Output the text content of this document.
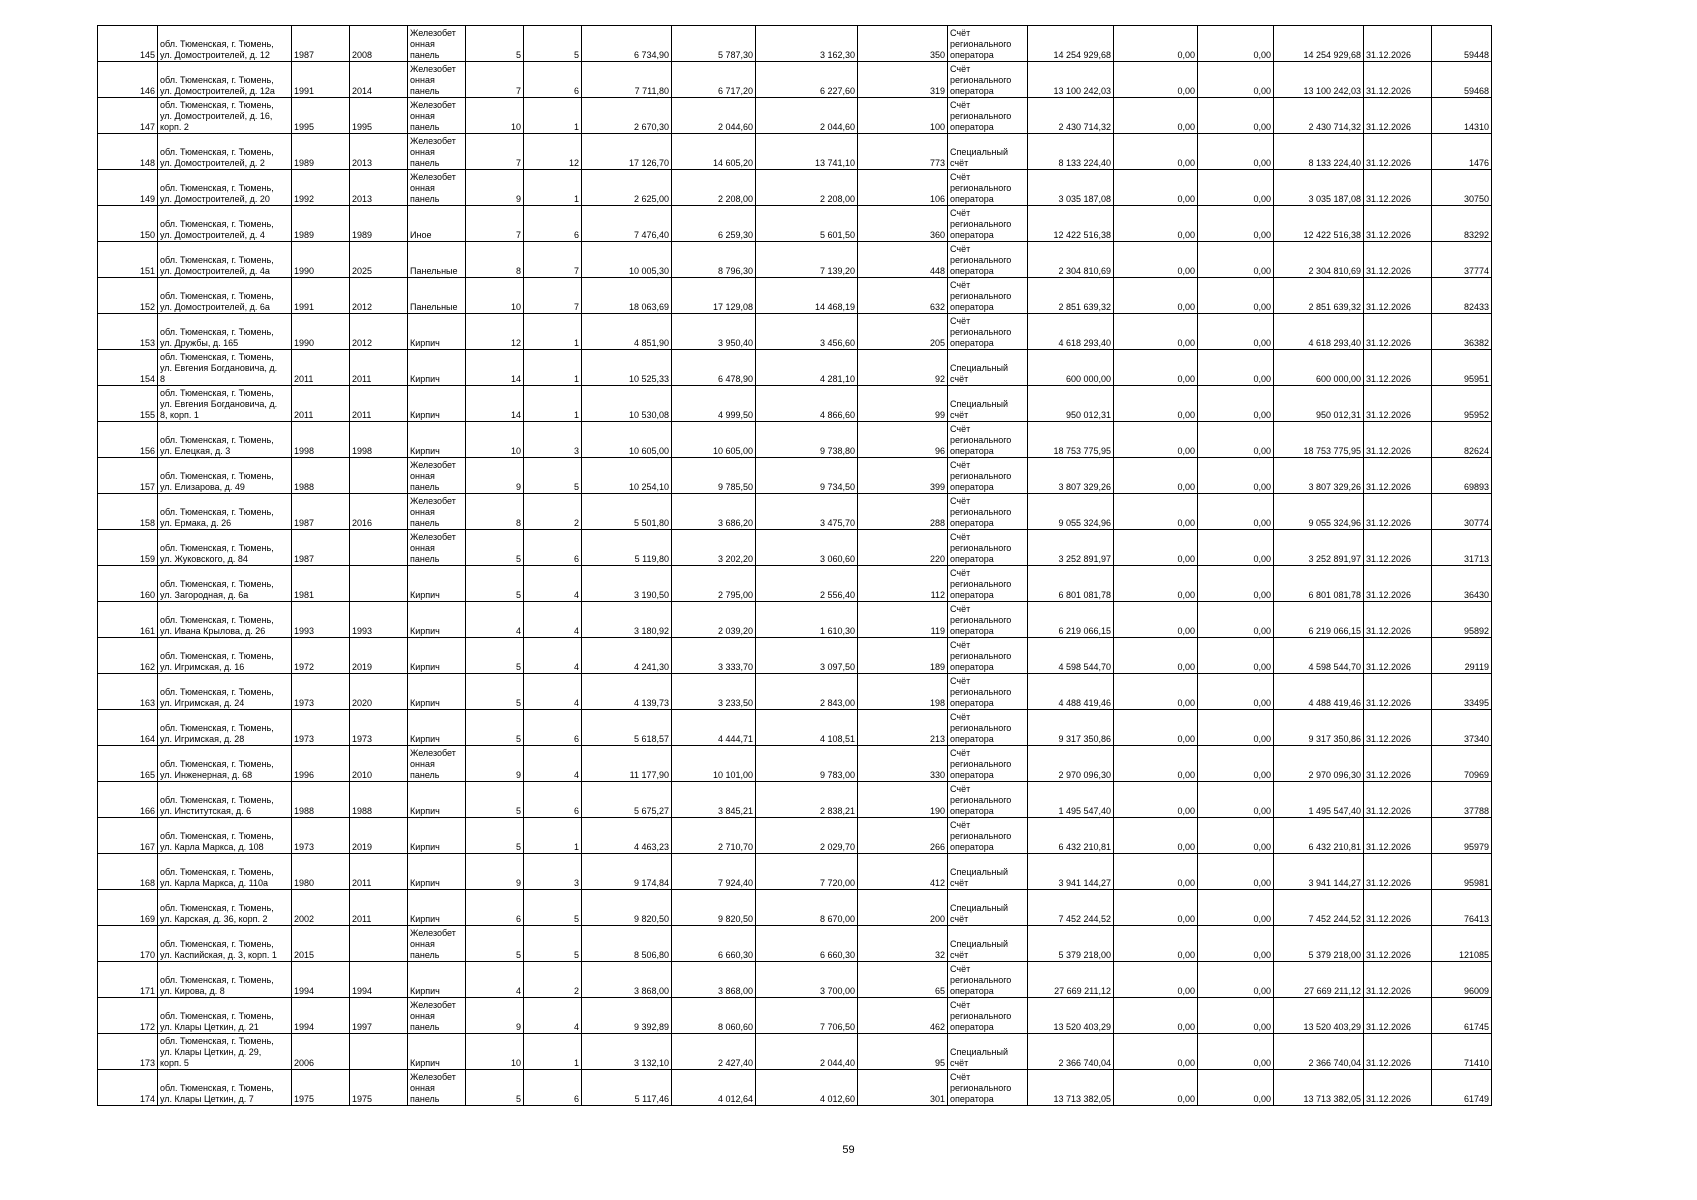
145	обл. Тюменская, г. Тюмень,
ул. Домостроителей, д. 12	1987	2008	Железобет
онная
панель	5	5	6 734,90	5 787,30	3 162,30	350	Счёт
регионального
оператора	14 254 929,68	0,00	0,00	14 254 929,68	31.12.2026	59448
146	обл. Тюменская, г. Тюмень,
ул. Домостроителей, д. 12а	1991	2014	Железобет
онная
панель	7	6	7 711,80	6 717,20	6 227,60	319	Счёт
регионального
оператора	13 100 242,03	0,00	0,00	13 100 242,03	31.12.2026	59468
147	обл. Тюменская, г. Тюмень,
ул. Домостроителей, д. 16,
корп. 2	1995	1995	Железобет
онная
панель	10	1	2 670,30	2 044,60	2 044,60	100	Счёт
регионального
оператора	2 430 714,32	0,00	0,00	2 430 714,32	31.12.2026	14310
148	обл. Тюменская, г. Тюмень,
ул. Домостроителей, д. 2	1989	2013	Железобет
онная
панель	7	12	17 126,70	14 605,20	13 741,10	773	Специальный
счёт	8 133 224,40	0,00	0,00	8 133 224,40	31.12.2026	1476
149	обл. Тюменская, г. Тюмень,
ул. Домостроителей, д. 20	1992	2013	Железобет
онная
панель	9	1	2 625,00	2 208,00	2 208,00	106	Счёт
регионального
оператора	3 035 187,08	0,00	0,00	3 035 187,08	31.12.2026	30750
150	обл. Тюменская, г. Тюмень,
ул. Домостроителей, д. 4	1989	1989	Иное	7	6	7 476,40	6 259,30	5 601,50	360	Счёт
регионального
оператора	12 422 516,38	0,00	0,00	12 422 516,38	31.12.2026	83292
151	обл. Тюменская, г. Тюмень,
ул. Домостроителей, д. 4а	1990	2025	Панельные	8	7	10 005,30	8 796,30	7 139,20	448	Счёт
регионального
оператора	2 304 810,69	0,00	0,00	2 304 810,69	31.12.2026	37774
152	обл. Тюменская, г. Тюмень,
ул. Домостроителей, д. 6а	1991	2012	Панельные	10	7	18 063,69	17 129,08	14 468,19	632	Счёт
регионального
оператора	2 851 639,32	0,00	0,00	2 851 639,32	31.12.2026	82433
153	обл. Тюменская, г. Тюмень,
ул. Дружбы, д. 165	1990	2012	Кирпич	12	1	4 851,90	3 950,40	3 456,60	205	Счёт
регионального
оператора	4 618 293,40	0,00	0,00	4 618 293,40	31.12.2026	36382
154	обл. Тюменская, г. Тюмень,
ул. Евгения Богдановича, д.
8	2011	2011	Кирпич	14	1	10 525,33	6 478,90	4 281,10	92	Специальный
счёт	600 000,00	0,00	0,00	600 000,00	31.12.2026	95951
155	обл. Тюменская, г. Тюмень,
ул. Евгения Богдановича, д.
8, корп. 1	2011	2011	Кирпич	14	1	10 530,08	4 999,50	4 866,60	99	Специальный
счёт	950 012,31	0,00	0,00	950 012,31	31.12.2026	95952
156	обл. Тюменская, г. Тюмень,
ул. Елецкая, д. 3	1998	1998	Кирпич	10	3	10 605,00	10 605,00	9 738,80	96	Счёт
регионального
оператора	18 753 775,95	0,00	0,00	18 753 775,95	31.12.2026	82624
157	обл. Тюменская, г. Тюмень,
ул. Елизарова, д. 49	1988		Железобет
онная
панель	9	5	10 254,10	9 785,50	9 734,50	399	Счёт
регионального
оператора	3 807 329,26	0,00	0,00	3 807 329,26	31.12.2026	69893
158	обл. Тюменская, г. Тюмень,
ул. Ермака, д. 26	1987	2016	Железобет
онная
панель	8	2	5 501,80	3 686,20	3 475,70	288	Счёт
регионального
оператора	9 055 324,96	0,00	0,00	9 055 324,96	31.12.2026	30774
159	обл. Тюменская, г. Тюмень,
ул. Жуковского, д. 84	1987		Железобет
онная
панель	5	6	5 119,80	3 202,20	3 060,60	220	Счёт
регионального
оператора	3 252 891,97	0,00	0,00	3 252 891,97	31.12.2026	31713
160	обл. Тюменская, г. Тюмень,
ул. Загородная, д. 6а	1981		Кирпич	5	4	3 190,50	2 795,00	2 556,40	112	Счёт
регионального
оператора	6 801 081,78	0,00	0,00	6 801 081,78	31.12.2026	36430
161	обл. Тюменская, г. Тюмень,
ул. Ивана Крылова, д. 26	1993	1993	Кирпич	4	4	3 180,92	2 039,20	1 610,30	119	Счёт
регионального
оператора	6 219 066,15	0,00	0,00	6 219 066,15	31.12.2026	95892
162	обл. Тюменская, г. Тюмень,
ул. Игримская, д. 16	1972	2019	Кирпич	5	4	4 241,30	3 333,70	3 097,50	189	Счёт
регионального
оператора	4 598 544,70	0,00	0,00	4 598 544,70	31.12.2026	29119
163	обл. Тюменская, г. Тюмень,
ул. Игримская, д. 24	1973	2020	Кирпич	5	4	4 139,73	3 233,50	2 843,00	198	Счёт
регионального
оператора	4 488 419,46	0,00	0,00	4 488 419,46	31.12.2026	33495
164	обл. Тюменская, г. Тюмень,
ул. Игримская, д. 28	1973	1973	Кирпич	5	6	5 618,57	4 444,71	4 108,51	213	Счёт
регионального
оператора	9 317 350,86	0,00	0,00	9 317 350,86	31.12.2026	37340
165	обл. Тюменская, г. Тюмень,
ул. Инженерная, д. 68	1996	2010	Железобет
онная
панель	9	4	11 177,90	10 101,00	9 783,00	330	Счёт
регионального
оператора	2 970 096,30	0,00	0,00	2 970 096,30	31.12.2026	70969
166	обл. Тюменская, г. Тюмень,
ул. Институтская, д. 6	1988	1988	Кирпич	5	6	5 675,27	3 845,21	2 838,21	190	Счёт
регионального
оператора	1 495 547,40	0,00	0,00	1 495 547,40	31.12.2026	37788
167	обл. Тюменская, г. Тюмень,
ул. Карла Маркса, д. 108	1973	2019	Кирпич	5	1	4 463,23	2 710,70	2 029,70	266	Счёт
регионального
оператора	6 432 210,81	0,00	0,00	6 432 210,81	31.12.2026	95979
168	обл. Тюменская, г. Тюмень,
ул. Карла Маркса, д. 110а	1980	2011	Кирпич	9	3	9 174,84	7 924,40	7 720,00	412	Специальный
счёт	3 941 144,27	0,00	0,00	3 941 144,27	31.12.2026	95981
169	обл. Тюменская, г. Тюмень,
ул. Карская, д. 36, корп. 2	2002	2011	Кирпич	6	5	9 820,50	9 820,50	8 670,00	200	Специальный
счёт	7 452 244,52	0,00	0,00	7 452 244,52	31.12.2026	76413
170	обл. Тюменская, г. Тюмень,
ул. Каспийская, д. 3, корп. 1	2015		Железобет
онная
панель	5	5	8 506,80	6 660,30	6 660,30	32	Специальный
счёт	5 379 218,00	0,00	0,00	5 379 218,00	31.12.2026	121085
171	обл. Тюменская, г. Тюмень,
ул. Кирова, д. 8	1994	1994	Кирпич	4	2	3 868,00	3 868,00	3 700,00	65	Счёт
регионального
оператора	27 669 211,12	0,00	0,00	27 669 211,12	31.12.2026	96009
172	обл. Тюменская, г. Тюмень,
ул. Клары Цеткин, д. 21	1994	1997	Железобет
онная
панель	9	4	9 392,89	8 060,60	7 706,50	462	Счёт
регионального
оператора	13 520 403,29	0,00	0,00	13 520 403,29	31.12.2026	61745
173	обл. Тюменская, г. Тюмень,
ул. Клары Цеткин, д. 29,
корп. 5	2006		Кирпич	10	1	3 132,10	2 427,40	2 044,40	95	Специальный
счёт	2 366 740,04	0,00	0,00	2 366 740,04	31.12.2026	71410
174	обл. Тюменская, г. Тюмень,
ул. Клары Цеткин, д. 7	1975	1975	Железобет
онная
панель	5	6	5 117,46	4 012,64	4 012,60	301	Счёт
регионального
оператора	13 713 382,05	0,00	0,00	13 713 382,05	31.12.2026	61749
59
